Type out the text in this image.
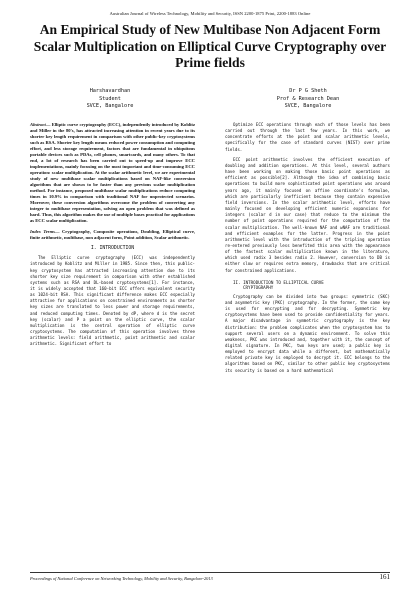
Australian Journal of Wireless Technology, Mobility and Security, ISSN 2200-1875 Print, 2200-1883 Online
An Empirical Study of New Multibase Non Adjacent Form Scalar Multiplication on Elliptical Curve Cryptography over Prime fields
Harshavardhan
Student
SVCE, Bangalore
Dr P G Sheth
Prof & Research Dean
SVCE, Bangalore

Abstract— Elliptic curve cryptography (ECC), independently introduced by Koblitz and Miller in the 80's, has attracted increasing attention in recent years due to its shorter key length requirement in comparison with other public-key cryptosystems such as RSA. Shorter key length means reduced power consumption and computing effort, and less storage requirement, factors that are fundamental in ubiquitous portable devices such as PDAs, cell phones, smartcards, and many others. To that end, a lot of research has been carried out to speed-up and improve ECC implementations, mainly focusing on the most important and time-consuming ECC operation: scalar multiplication. At the scalar arithmetic level, we are experimental study of new multibase scalar multiplications based on NAF-like conversion algorithms that are shown to be faster than any previous scalar multiplication method. For instance, proposed multibase scalar multiplications reduce computing times in 10.9% in comparison with traditional NAF for unprotected scenarios. Moreover, these conversion algorithms overcome the problem of converting any integer to multibase representation, solving an open problem that was defined as hard. Thus, this algorithm makes the use of multiple bases practical for applications as ECC scalar multiplication.

Index Terms— Cryptography, Composite operations, Doubling, Elliptical curve, finite arithmetic, multibase, non adjacent form, Point addition, Scalar arithmetic.

I. INTRODUCTION

The Elliptic curve cryptography (ECC) was independently introduced by Koblitz and Miller in 1985. Since then, this public-key cryptosystem has attracted increasing attention due to its shorter key size requirement in comparison with other established systems such as RSA and DL-based cryptosystems[1]. For instance, it is widely accepted that 160-bit ECC offers equivalent security as 1024-bit RSA. This significant difference makes ECC especially attractive for applications on constrained environments as shorter key sizes are translated to less power and storage requirements, and reduced computing times. Denoted by dP, where d is the secret key (scalar) and P a point on the elliptic curve, the scalar multiplication is the central operation of elliptic curve cryptosystems. The computation of this operation involves three arithmetic levels: field arithmetic, point arithmetic and scalar arithmetic. Significant effort to

Optimize ECC operations through each of those levels has been carried out through the last few years. In this work, we concentrate efforts at the point and scalar arithmetic levels, specifically for the case of standard curves (NIST) over prime fields.

ECC point arithmetic involves the efficient execution of doubling and addition operations. At this level, several authors have been working on making those basic point operations as efficient as possible[2]. Although the idea of combining basic operations to build more sophisticated point operations was around years ago, it mainly focused on affine coordinate's formulae, which are particularly inefficient because they contain expensive field inversions. In the scalar arithmetic level, efforts have mainly focused on developing efficient numeric expansions for integers (scalar d in our case) that reduce to the minimum the number of point operations required for the computation of the scalar multiplication. The well-known NAF and wNAF are traditional and efficient examples for the latter. Progress in the point arithmetic level with the introduction of the tripling operation re-entered previously less benefited this area with the appearance of the fastest scalar multiplication known in the literature, which used radix 3 besides radix 2. However, conversion to DB is either slow or requires extra memory, drawbacks that are critical for constrained applications.

II. INTRODUCTION TO ELLIPTICAL CURVE
CRYPTOGRAPHY

Cryptography can be divided into two groups: symmetric (SKC) and asymmetric key (PKC) cryptography. In the former, the same key is used for encrypting and for decrypting. Symmetric key cryptosystems have been used to provide confidentiality for years. A major disadvantage in symmetric cryptography is the key distribution: the problem complicates when the cryptosystem has to support several users on a dynamic environment. To solve this weakness, PKC was introduced and, together with it, the concept of digital signature. In PKC, two keys are used; a public key is employed to encrypt data while a different, but mathematically related private key is employed to decrypt it. ECC belongs to the algorithms based on PKC, similar to other public key cryptosystems its security is based on a hard mathematical

Proceedings of National Conference on Networking Technology, Mobility and Security, Bangalore-2013	161
